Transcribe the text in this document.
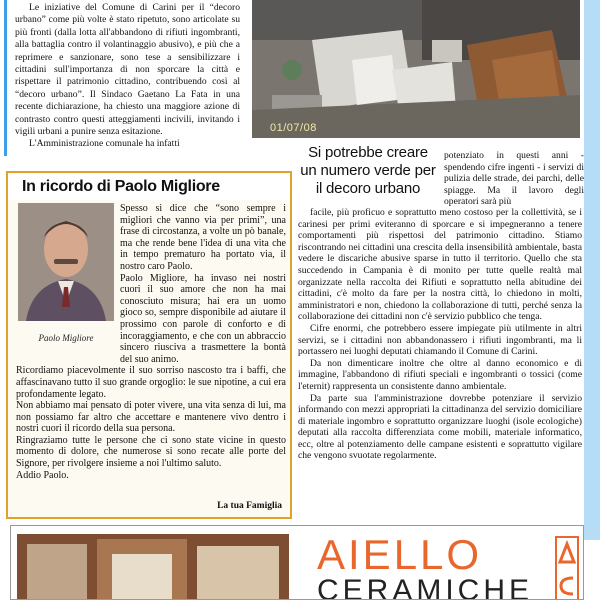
Le iniziative del Comune di Carini per il “decoro urbano” come più volte è stato ripetuto, sono articolate su più fronti (dalla lotta all'abbandono di rifiuti ingombranti, alla battaglia contro il volantinaggio abusivo), e più che a reprimere e sanzionare, sono tese a sensibilizzare i cittadini sull'importanza di non sporcare la città e rispettare il patrimonio cittadino, contribuendo così al “decoro urbano”. Il Sindaco Gaetano La Fata in una recente dichiarazione, ha chiesto una maggiore azione di contrasto contro questi atteggiamenti incivili, invitando i vigili urbani a punire senza esitazione.

L'Amministrazione comunale ha infatti

01/07/08
In ricordo di Paolo Migliore

Spesso si dice che “sono sempre i migliori che vanno via per primi”, una frase di circostanza, a volte un pò banale, ma che rende bene l'idea di una vita che in tempo prematuro ha portato via, il nostro caro Paolo.

Paolo Migliore, ha invaso nei nostri cuori il suo amore che non ha mai conosciuto misura; hai era un uomo gioco so, sempre disponibile ad aiutare il prossimo con parole di conforto e di incoraggiamento, e che con un abbraccio sincero riusciva a trasmettere la bontà del suo animo.

Ricordiamo piacevolmente il suo sorriso nascosto tra i baffi, che affascinavano tutto il suo grande orgoglio: le sue nipotine, a cui era profondamente legato.

Non abbiamo mai pensato di poter vivere, una vita senza di lui, ma non possiamo far altro che accettare e mantenere vivo dentro i nostri cuori il ricordo della sua persona.

Ringraziamo tutte le persone che ci sono state vicine in questo momento di dolore, che numerose si sono recate alle porte del Signore, per rivolgere insieme a noi l'ultimo saluto.

Addio Paolo.

Paolo Migliore
La tua Famiglia
Si potrebbe creare un numero verde per il decoro urbano
potenziato in questi anni - spendendo cifre ingenti - i servizi di pulizia delle strade, dei parchi, delle spiagge. Ma il lavoro degli operatori sarà più

facile, più proficuo e soprattutto meno costoso per la collettività, se i carinesi per primi eviteranno di sporcare e si impegneranno a tenere comportamenti più rispettosi del patrimonio cittadino. Stiamo riscontrando nei cittadini una crescita della insensibilità ambientale, basta vedere le discariche abusive sparse in tutto il territorio. Quello che sta succedendo in Campania è di monito per tutte quelle realtà mal organizzate nella raccolta dei Rifiuti e soprattutto nella abitudine dei cittadini, c'è molto da fare per la nostra città, lo chiedono in molti, amministratori e non, chiedono la collaborazione di tutti, perché senza la collaborazione dei cittadini non c'è servizio pubblico che tenga.

Cifre enormi, che potrebbero essere impiegate più utilmente in altri servizi, se i cittadini non abbandonassero i rifiuti ingombranti, ma li portassero nei luoghi deputati chiamando il Comune di Carini.

Da non dimenticare inoltre che oltre al danno economico e di immagine, l'abbandono di rifiuti speciali e ingombranti o tossici (come l'eternit) rappresenta un consistente danno ambientale.

Da parte sua l'amministrazione dovrebbe potenziare il servizio informando con mezzi appropriati la cittadinanza del servizio domiciliare di materiale ingombro e soprattutto organizzare luoghi (isole ecologiche) deputati alla raccolta differenziata come mobili, materiale informatico, ecc, oltre al potenziamento delle campane esistenti e soprattutto vigilare che vengono svuotate regolarmente.

AIELLO
CERAMICHE
